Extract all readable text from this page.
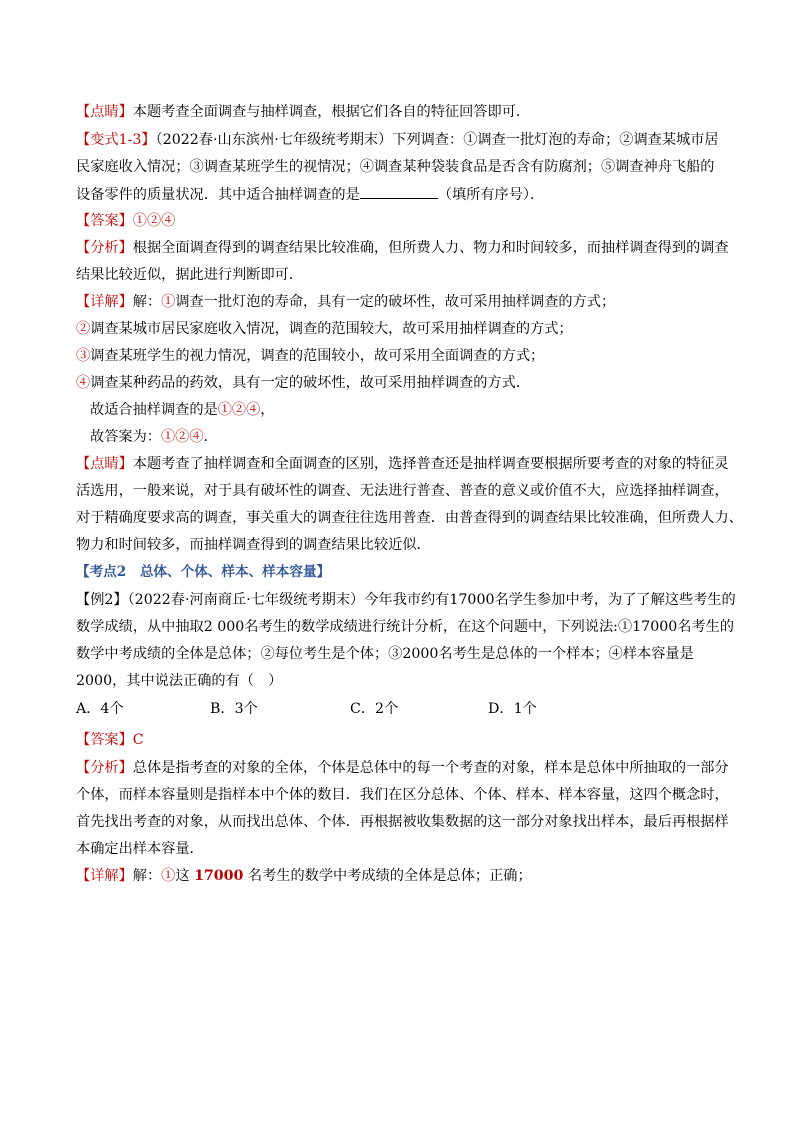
【点睛】本题考查全面调查与抽样调查，根据它们各自的特征回答即可．
【变式1-3】（2022春·山东滨州·七年级统考期末）下列调查：①调查一批灯泡的寿命；②调查某城市居
民家庭收入情况；③调查某班学生的视情况；④调查某种袋装食品是否含有防腐剂；⑤调查神舟飞船的
设备零件的质量状况．其中适合抽样调查的是	（填所有序号）．
【答案】①②④
【分析】根据全面调查得到的调查结果比较准确，但所费人力、物力和时间较多，而抽样调查得到的调查
结果比较近似，据此进行判断即可．
【详解】解：①调查一批灯泡的寿命，具有一定的破坏性，故可采用抽样调查的方式；
②调查某城市居民家庭收入情况，调查的范围较大，故可采用抽样调查的方式；
③调查某班学生的视力情况，调查的范围较小，故可采用全面调查的方式；
④调查某种药品的药效，具有一定的破坏性，故可采用抽样调查的方式．
故适合抽样调查的是①②④，
故答案为：①②④．
【点睛】本题考查了抽样调查和全面调查的区别，选择普查还是抽样调查要根据所要考查的对象的特征灵
活选用，一般来说，对于具有破坏性的调查、无法进行普查、普查的意义或价值不大，应选择抽样调查，
对于精确度要求高的调查，事关重大的调查往往选用普查．由普查得到的调查结果比较准确，但所费人力、
物力和时间较多，而抽样调查得到的调查结果比较近似．
【考点2　总体、个体、样本、样本容量】
【例2】（2022春·河南商丘·七年级统考期末）今年我市约有17000名学生参加中考，为了了解这些考生的
数学成绩，从中抽取2 000名考生的数学成绩进行统计分析，在这个问题中，下列说法:①17000名考生的
数学中考成绩的全体是总体；②每位考生是个体；③2000名考生是总体的一个样本；④样本容量是
2000，其中说法正确的有（　）
A．4个	B．3个	C．2个	D．1个
【答案】C
【分析】总体是指考查的对象的全体，个体是总体中的每一个考查的对象，样本是总体中所抽取的一部分
个体，而样本容量则是指样本中个体的数目．我们在区分总体、个体、样本、样本容量，这四个概念时，
首先找出考查的对象，从而找出总体、个体．再根据被收集数据的这一部分对象找出样本，最后再根据样
本确定出样本容量．
【详解】解：①这 17000 名考生的数学中考成绩的全体是总体；正确；
